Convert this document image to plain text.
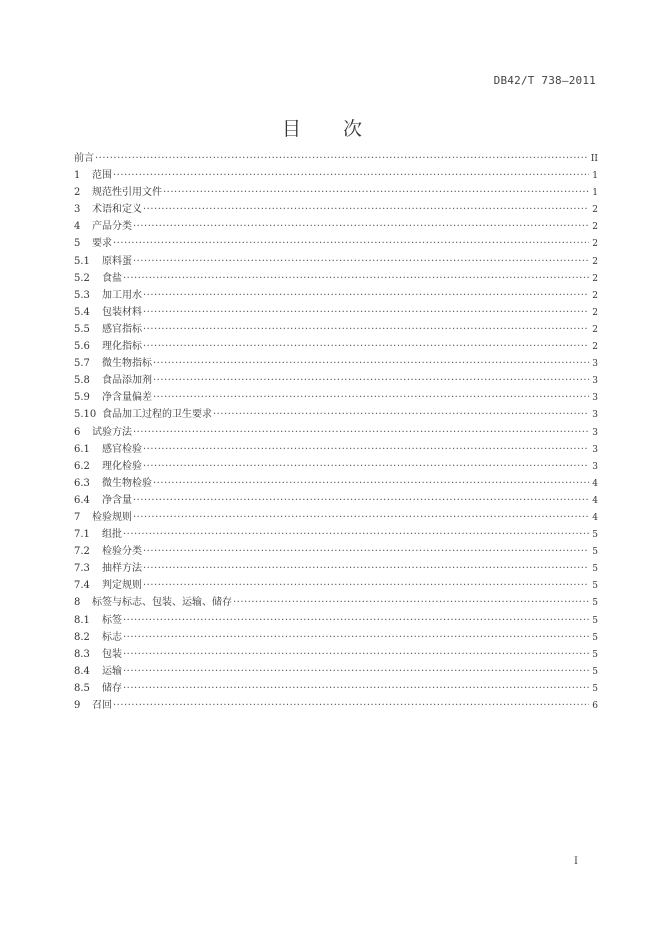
DB42/T 738—2011
目 次
前言 ·····	II
1	范围 ·····	1
2	规范性引用文件 ·····	1
3	术语和定义 ·····	2
4	产品分类 ·····	2
5	要求 ·····	2
5.1	原料蛋 ·····	2
5.2	食盐 ·····	2
5.3	加工用水 ·····	2
5.4	包装材料 ·····	2
5.5	感官指标 ·····	2
5.6	理化指标 ·····	2
5.7	微生物指标 ·····	3
5.8	食品添加剂 ·····	3
5.9	净含量偏差 ·····	3
5.10 食品加工过程的卫生要求 ·····	3
6	试验方法 ·····	3
6.1	感官检验 ·····	3
6.2	理化检验 ·····	3
6.3	微生物检验 ·····	4
6.4	净含量 ·····	4
7	检验规则 ·····	4
7.1	组批 ·····	5
7.2	检验分类 ·····	5
7.3	抽样方法 ·····	5
7.4	判定规则 ·····	5
8	标签与标志、包装、运输、储存 ·····	5
8.1	标签 ·····	5
8.2	标志 ·····	5
8.3	包装 ·····	5
8.4	运输 ·····	5
8.5	储存 ·····	5
9	召回 ·····	6
I
